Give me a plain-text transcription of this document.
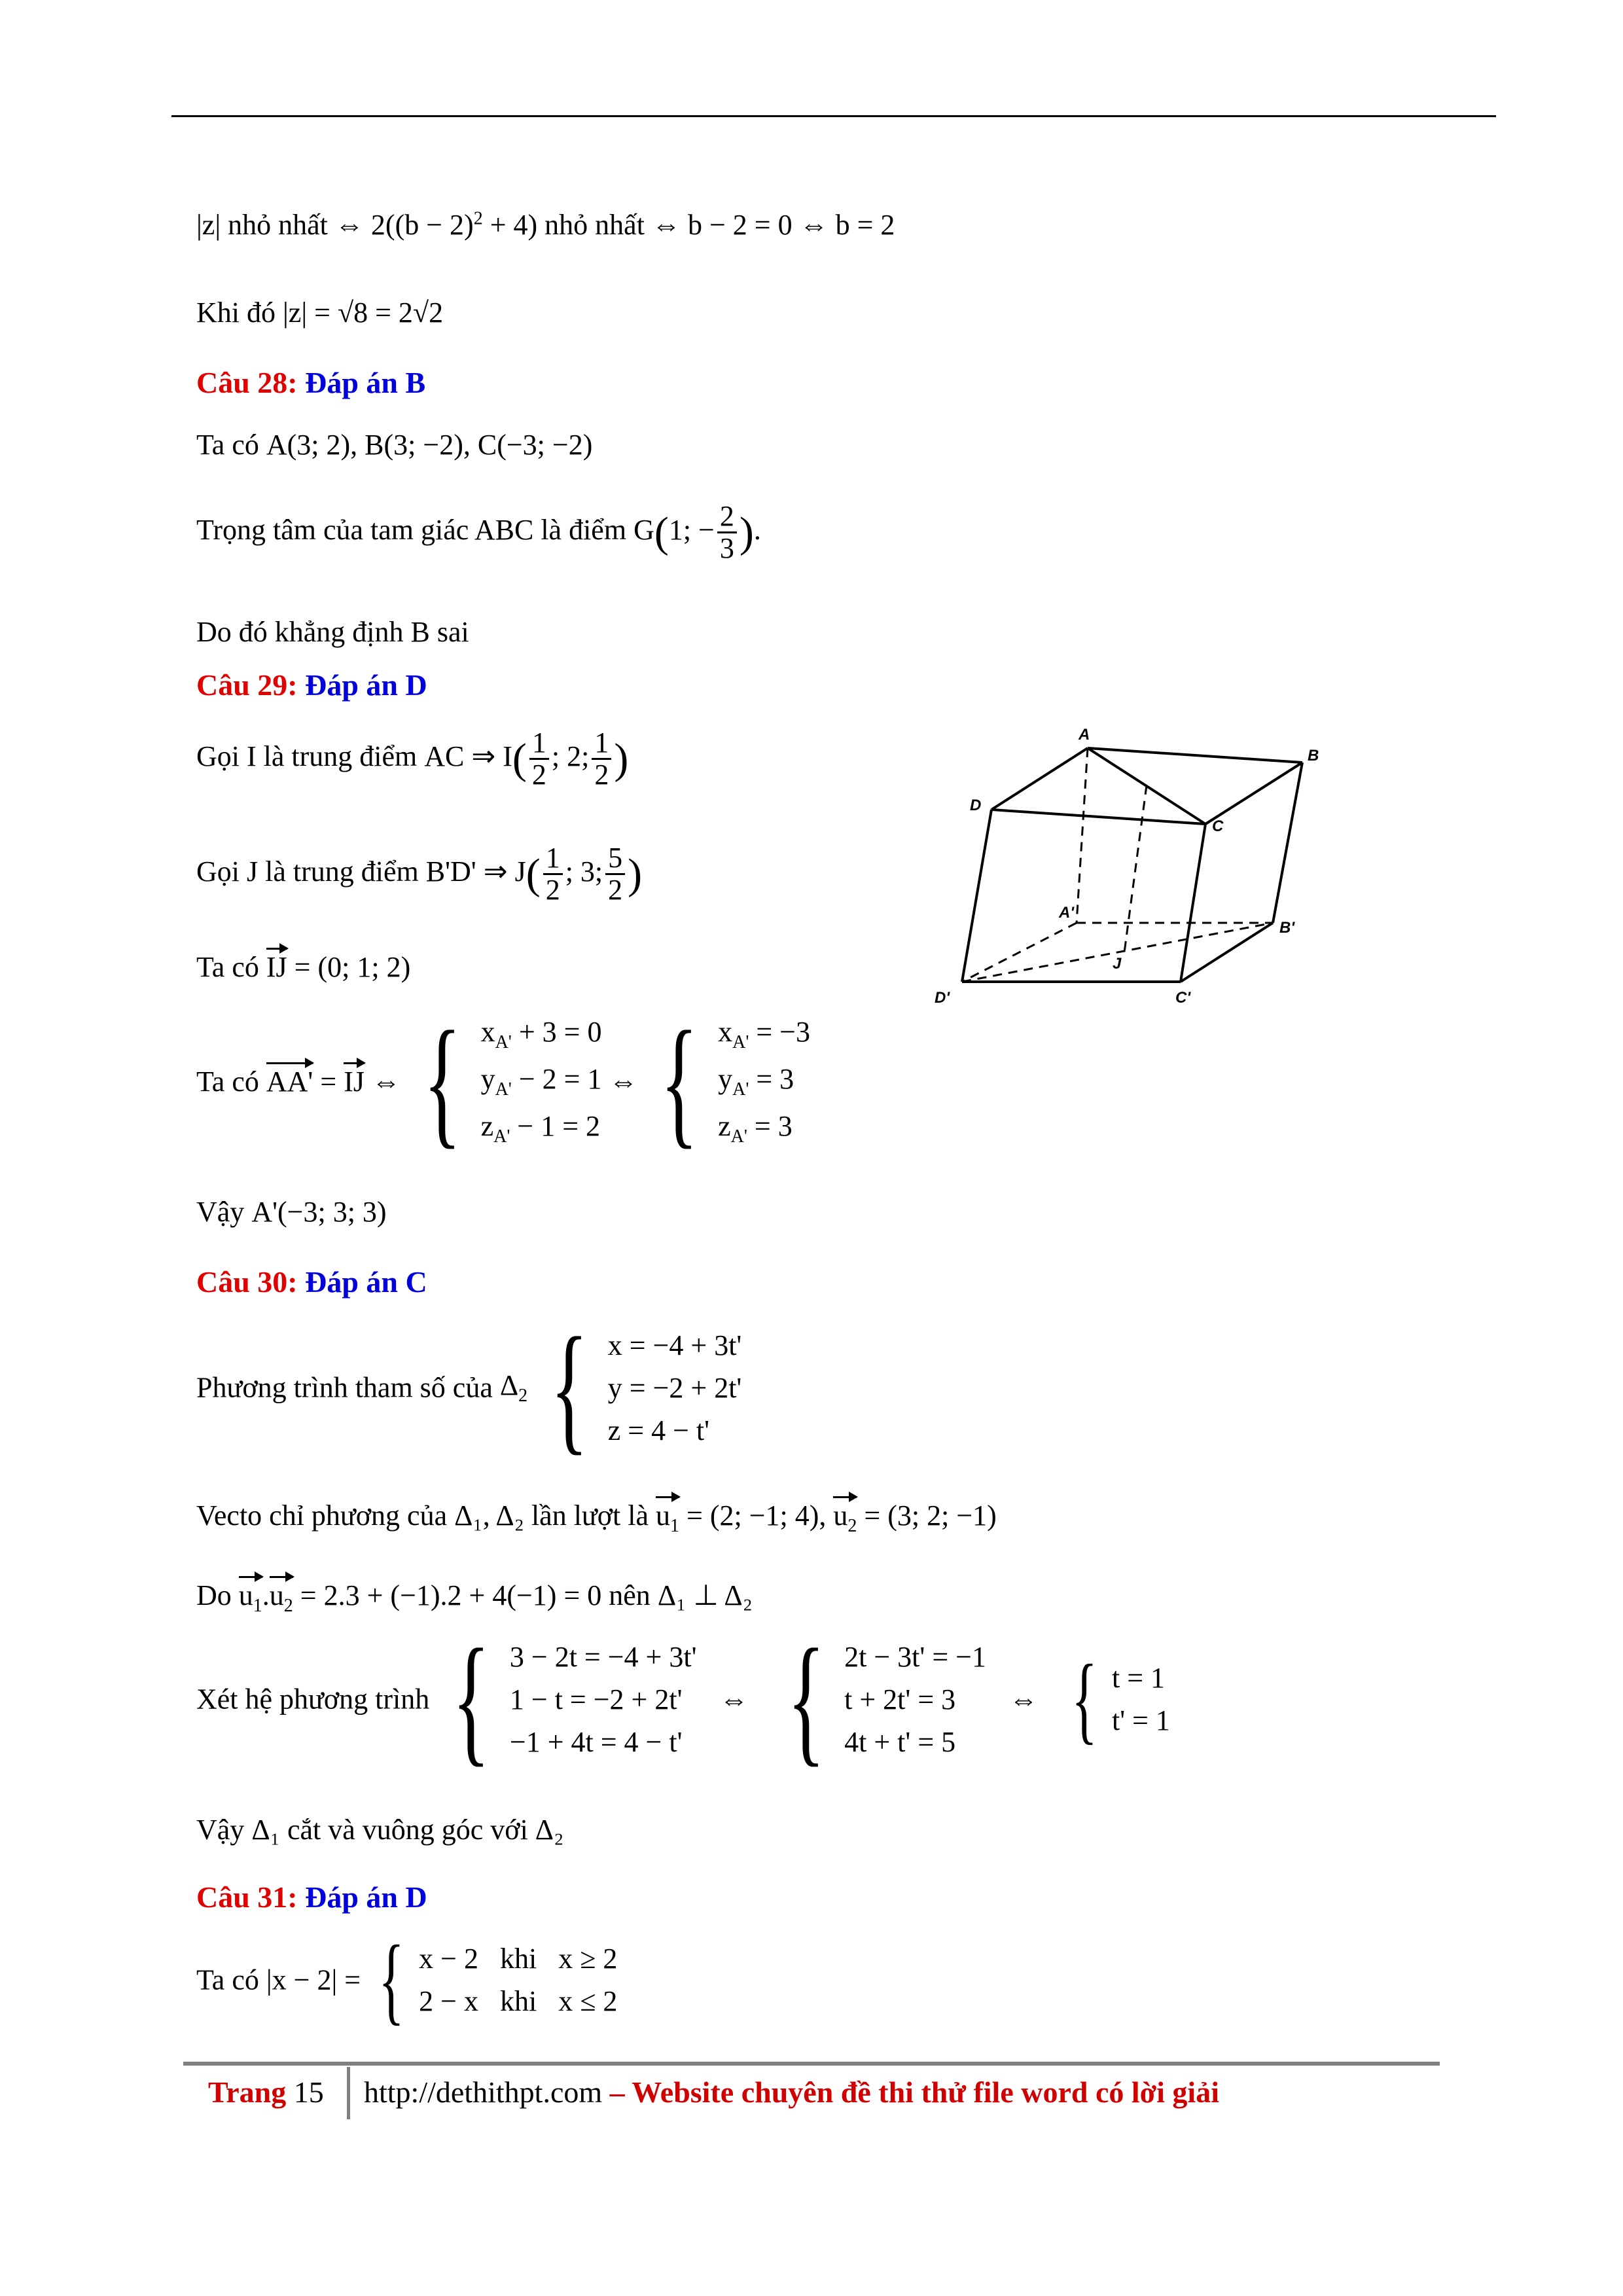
|z| nhỏ nhất ⇔ $2((b - 2)^2 + 4)$ nhỏ nhất ⇔ b − 2 = 0 ⇔ b = 2
Khi đó |z| = √8 = 2√2
Câu 28: Đáp án B
Ta có A(3; 2), B(3; −2), C(−3; −2)
Trọng tâm của tam giác ABC là điểm G(1; − $\frac{2}{3}$ ).
Do đó khẳng định B sai
Câu 29: Đáp án D
Gọi I là trung điểm AC ⇒ $I( \frac{1}{2}$ ; 2; $\frac{1}{2}$ )
Gọi J là trung điểm B'D' ⇒ $J( \frac{1}{2}$ ; 3; $\frac{5}{2}$ )
Ta có IJ = (0; 1; 2)
Ta có AA' = IJ ⇔ { $x_{A'} + 3 = 0$
$y_{A'} - 2 = 1$
$z_{A'} - 1 = 2$
⇔ { $x_{A'} = -3$
$y_{A'} = 3$
$z_{A'} = 3$
Vậy A'(−3; 3; 3)
A
B
C
D
A'
B'
C'
D'
J
Câu 30: Đáp án C
Phương trình tham số của $\Delta_2$ { x = −4 + 3t'
y = −2 + 2t'
z = 4 − t'
Vecto chỉ phương của Δ₁, Δ₂ lần lượt là $u_1 = (2$; −1; 4), $u_2 = (3$; 2; −1)
Do $u_1.u_2 = 2.3 + (-1).2 + 4(-1) = 0$ nên Δ₁ ⊥ Δ₂
Xét hệ phương trình { 3 − 2t = −4 + 3t'
1 − t = −2 + 2t'
−1 + 4t = 4 − t'
⇔ { 2t − 3t' = −1
t + 2t' = 3
4t + t' = 5
⇔ { t = 1
t' = 1
Vậy Δ₁ cắt và vuông góc với Δ₂
Câu 31: Đáp án D
Ta có |x − 2| = { x − 2 khi x ≥ 2
2 − x khi x ≤ 2
Trang 15 http://dethithpt.com – Website chuyên đề thi thử file word có lời giải
